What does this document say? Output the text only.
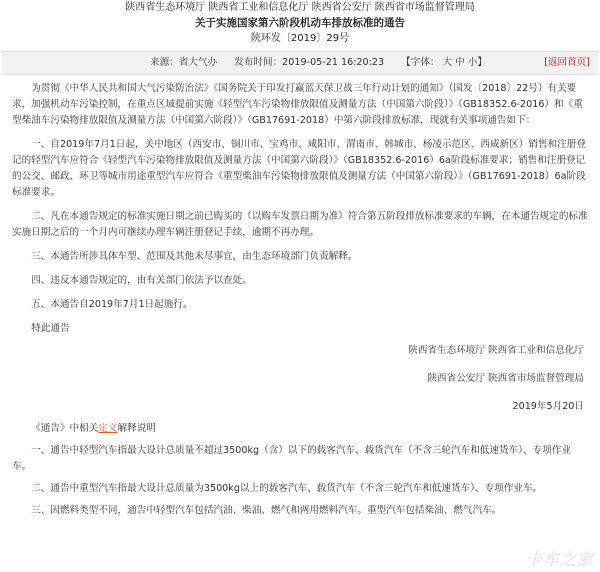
陕西省生态环境厅 陕西省工业和信息化厅 陕西省公安厅 陕西省市场监督管理局
关于实施国家第六阶段机动车排放标准的通告
陕环发〔2019〕29号
来源：省大气办 发布时间：2019-05-21 16:20:23 【字体： 大 中 小】	[返回首页]

为贯彻《中华人民共和国大气污染防治法》《国务院关于印发打赢蓝天保卫战三年行动计划的通知》（国发〔2018〕22号）有关要求，加强机动车污染控制，在重点区域提前实施《轻型汽车污染物排放限值及测量方法（中国第六阶段）》（GB18352.6-2016）和《重型柴油车污染物排放限值及测量方法（中国第六阶段）》（GB17691-2018）中第六阶段排放标准，现就有关事项通告如下：

一、自2019年7月1日起，关中地区（西安市、铜川市、宝鸡市、咸阳市、渭南市、韩城市、杨凌示范区、西咸新区）销售和注册登记的轻型汽车应符合《轻型汽车污染物排放限值及测量方法（中国第六阶段）》（GB18352.6-2016）6a阶段标准要求；销售和注册登记的公交、邮政、环卫等城市用途重型汽车应符合《重型柴油车污染物排放限值及测量方法（中国第六阶段）》（GB17691-2018）6a阶段标准要求。

二、凡在本通告规定的标准实施日期之前已购买的（以购车发票日期为准）符合第五阶段排放标准要求的车辆，在本通告规定的标准实施日期之后的一个月内可继续办理车辆注册登记手续，逾期不再办理。

三、本通告所涉具体车型、范围及其他未尽事宜，由生态环境部门负责解释。

四、违反本通告规定的，由有关部门依法予以查处。

五、本通告自2019年7月1日起施行。

特此通告

陕西省生态环境厅 陕西省工业和信息化厅

陕西省公安厅 陕西省市场监督管理局

2019年5月20日

《通告》中相关定义解释说明

一、通告中轻型汽车指最大设计总质量不超过3500kg（含）以下的载客汽车、载货汽车（不含三轮汽车和低速货车）、专项作业车。

二、通告中重型汽车指最大设计总质量为3500kg以上的载客汽车、载货汽车（不含三轮汽车和低速货车）、专项作业车。

三、因燃料类型不同，通告中轻型汽车包括汽油、柴油、燃气和两用燃料汽车。重型汽车包括柴油、燃气汽车。

卡车之家
